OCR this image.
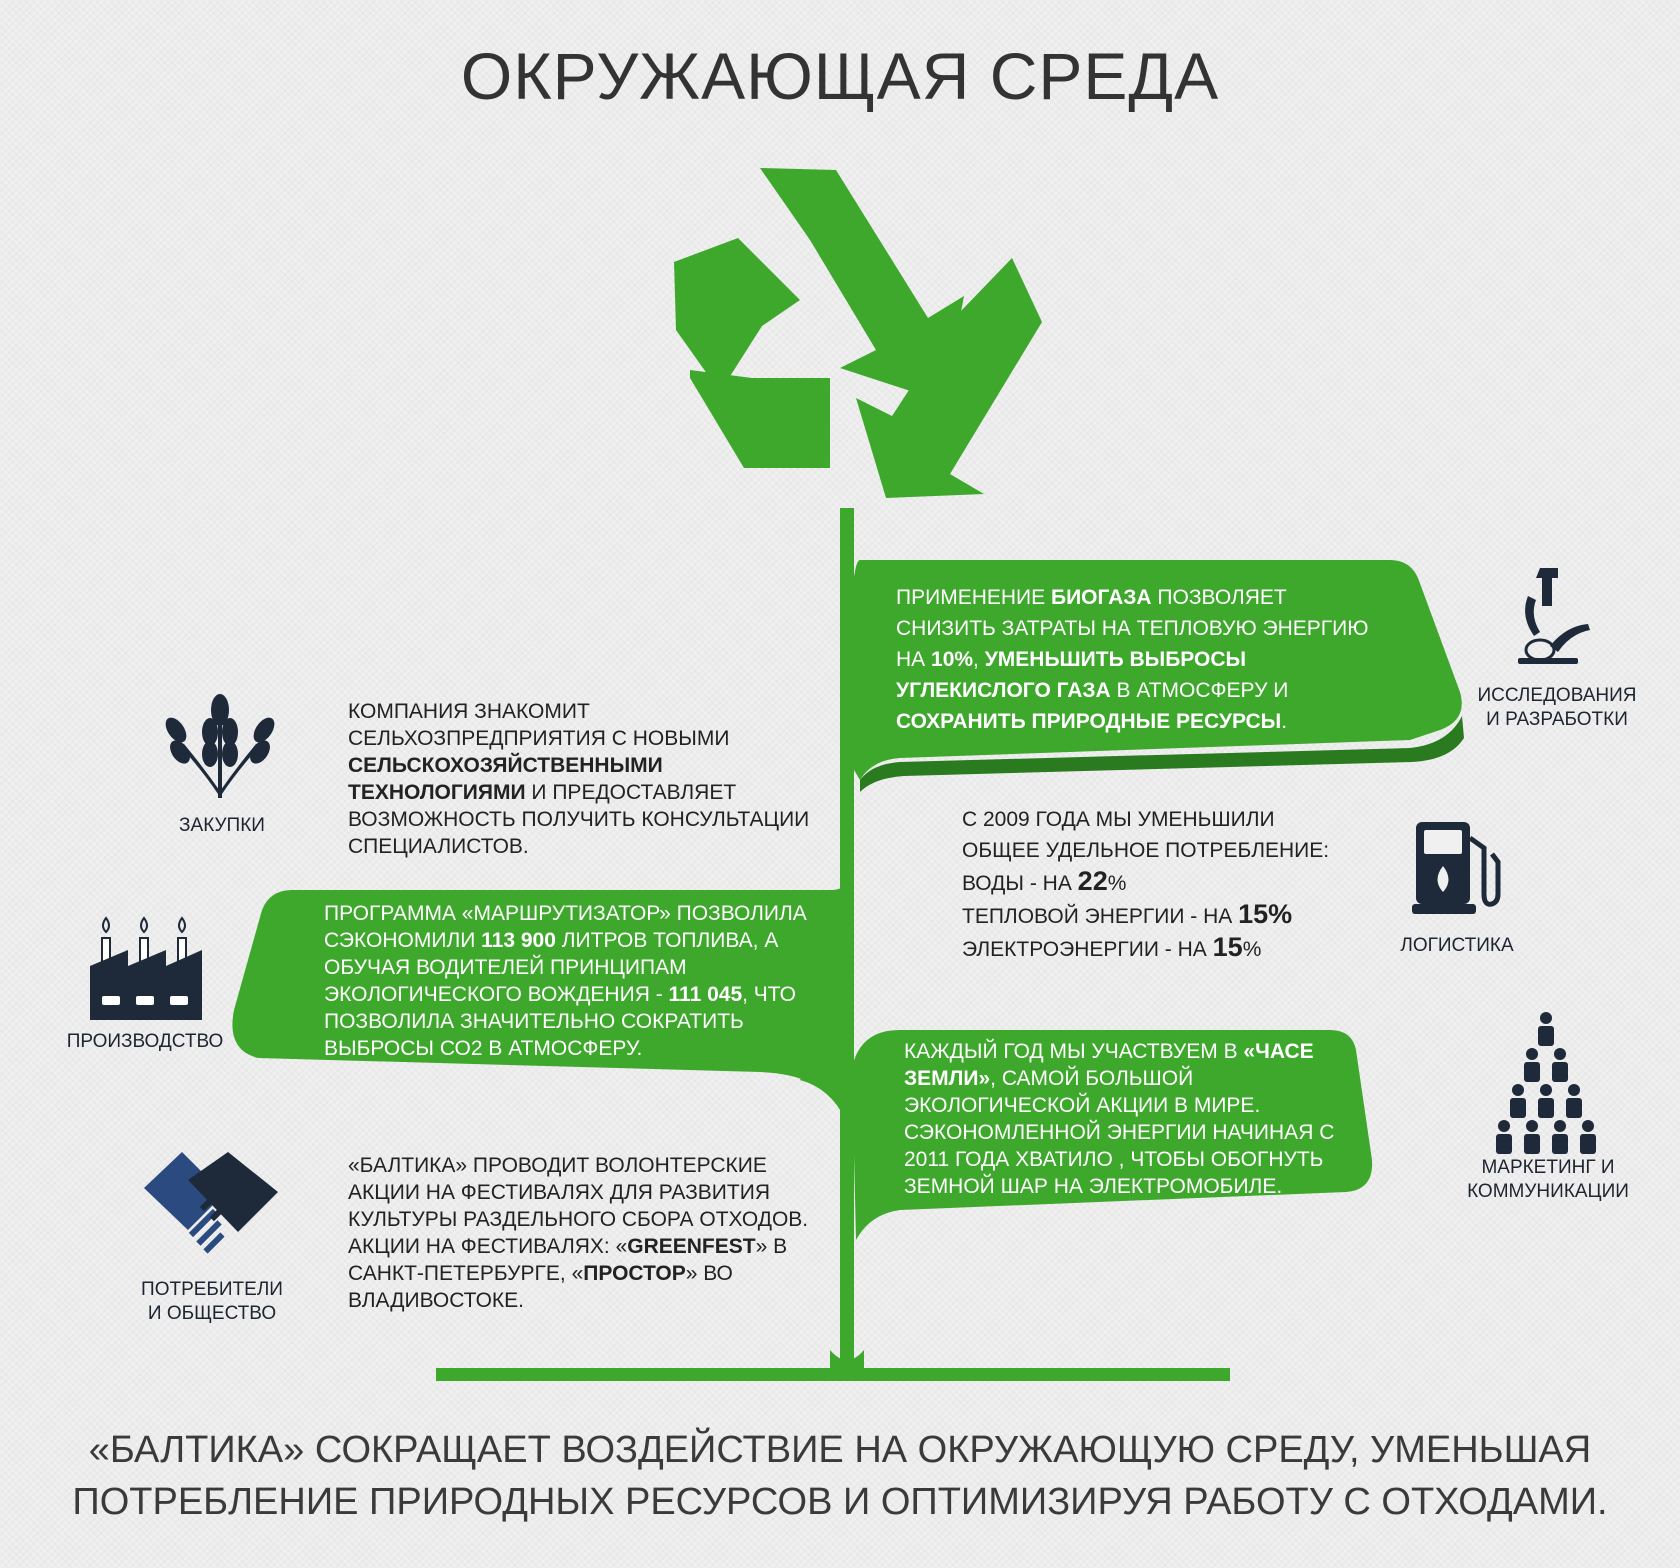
ОКРУЖАЮЩАЯ СРЕДА
ПРИМЕНЕНИЕ БИОГАЗА ПОЗВОЛЯЕТ СНИЗИТЬ ЗАТРАТЫ НА ТЕПЛОВУЮ ЭНЕРГИЮ НА 10%, УМЕНЬШИТЬ ВЫБРОСЫ УГЛЕКИСЛОГО ГАЗА В АТМОСФЕРУ И СОХРАНИТЬ ПРИРОДНЫЕ РЕСУРСЫ.
КОМПАНИЯ ЗНАКОМИТ СЕЛЬХОЗПРЕДПРИЯТИЯ С НОВЫМИ СЕЛЬСКОХОЗЯЙСТВЕННЫМИ ТЕХНОЛОГИЯМИ И ПРЕДОСТАВЛЯЕТ ВОЗМОЖНОСТЬ ПОЛУЧИТЬ КОНСУЛЬТАЦИИ СПЕЦИАЛИСТОВ.
С 2009 ГОДА МЫ УМЕНЬШИЛИ
ОБЩЕЕ УДЕЛЬНОЕ ПОТРЕБЛЕНИЕ:
ВОДЫ - НА 22%
ТЕПЛОВОЙ ЭНЕРГИИ - НА 15%
ЭЛЕКТРОЭНЕРГИИ - НА 15%
ПРОГРАММА «МАРШРУТИЗАТОР» ПОЗВОЛИЛА СЭКОНОМИЛИ 113 900 ЛИТРОВ ТОПЛИВА, А ОБУЧАЯ ВОДИТЕЛЕЙ ПРИНЦИПАМ ЭКОЛОГИЧЕСКОГО ВОЖДЕНИЯ - 111 045, ЧТО ПОЗВОЛИЛА ЗНАЧИТЕЛЬНО СОКРАТИТЬ ВЫБРОСЫ СО2 В АТМОСФЕРУ.	КАЖДЫЙ ГОД МЫ УЧАСТВУЕМ В «ЧАСЕ ЗЕМЛИ», САМОЙ БОЛЬШОЙ ЭКОЛОГИЧЕСКОЙ АКЦИИ В МИРЕ. СЭКОНОМЛЕННОЙ ЭНЕРГИИ НАЧИНАЯ С 2011 ГОДА ХВАТИЛО , ЧТОБЫ ОБОГНУТЬ ЗЕМНОЙ ШАР НА ЭЛЕКТРОМОБИЛЕ.
«БАЛТИКА» ПРОВОДИТ ВОЛОНТЕРСКИЕ АКЦИИ НА ФЕСТИВАЛЯХ ДЛЯ РАЗВИТИЯ КУЛЬТУРЫ РАЗДЕЛЬНОГО СБОРА ОТХОДОВ. АКЦИИ НА ФЕСТИВАЛЯХ: «GREENFEST» В САНКТ-ПЕТЕРБУРГЕ, «ПРОСТОР» ВО ВЛАДИВОСТОКЕ.
ЗАКУПКИ
ПРОИЗВОДСТВО
ПОТРЕБИТЕЛИ
И ОБЩЕСТВО
ИССЛЕДОВАНИЯ
И РАЗРАБОТКИ
ЛОГИСТИКА
МАРКЕТИНГ И
КОММУНИКАЦИИ
«БАЛТИКА» СОКРАЩАЕТ ВОЗДЕЙСТВИЕ НА ОКРУЖАЮЩУЮ СРЕДУ, УМЕНЬШАЯ
ПОТРЕБЛЕНИЕ ПРИРОДНЫХ РЕСУРСОВ И ОПТИМИЗИРУЯ РАБОТУ С ОТХОДАМИ.
